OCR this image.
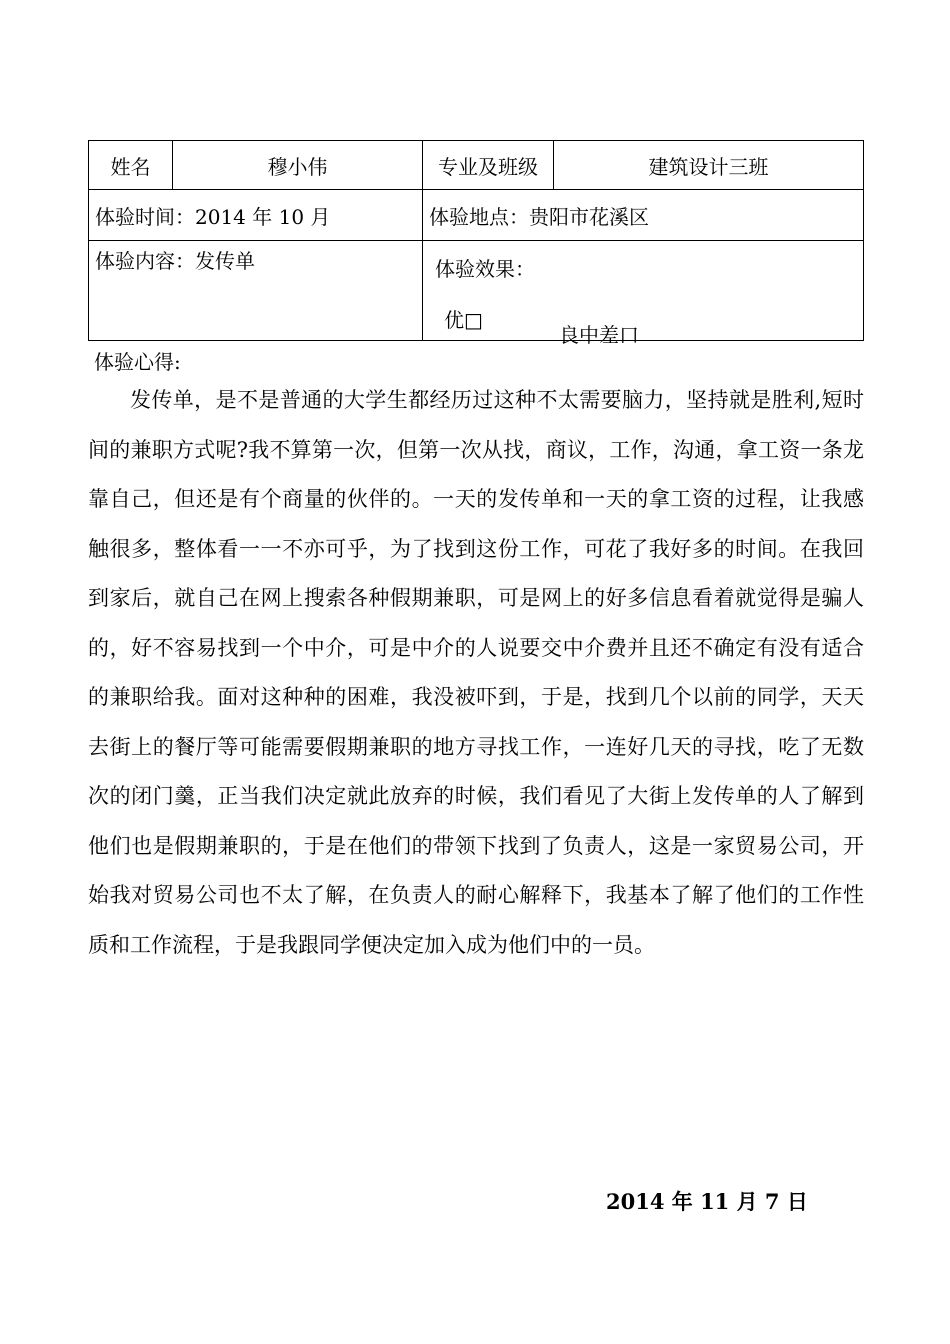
姓名	穆小伟	专业及班级	建筑设计三班
体验时间：2014 年 10 月		体验地点：贵阳市花溪区	
体验内容：发传单		体验效果：
优□
良中差口	
体验心得:

发传单，是不是普通的大学生都经历过这种不太需要脑力，坚持就是胜利,短时间的兼职方式呢?我不算第一次，但第一次从找，商议，工作，沟通，拿工资一条龙靠自己，但还是有个商量的伙伴的。一天的发传单和一天的拿工资的过程，让我感触很多，整体看一一不亦可乎，为了找到这份工作，可花了我好多的时间。在我回到家后，就自己在网上搜索各种假期兼职，可是网上的好多信息看着就觉得是骗人的，好不容易找到一个中介，可是中介的人说要交中介费并且还不确定有没有适合的兼职给我。面对这种种的困难，我没被吓到，于是，找到几个以前的同学，天天去街上的餐厅等可能需要假期兼职的地方寻找工作，一连好几天的寻找，吃了无数次的闭门羹，正当我们决定就此放弃的时候，我们看见了大街上发传单的人了解到他们也是假期兼职的，于是在他们的带领下找到了负责人，这是一家贸易公司，开始我对贸易公司也不太了解，在负责人的耐心解释下，我基本了解了他们的工作性质和工作流程，于是我跟同学便决定加入成为他们中的一员。

2014 年 11 月 7 日
